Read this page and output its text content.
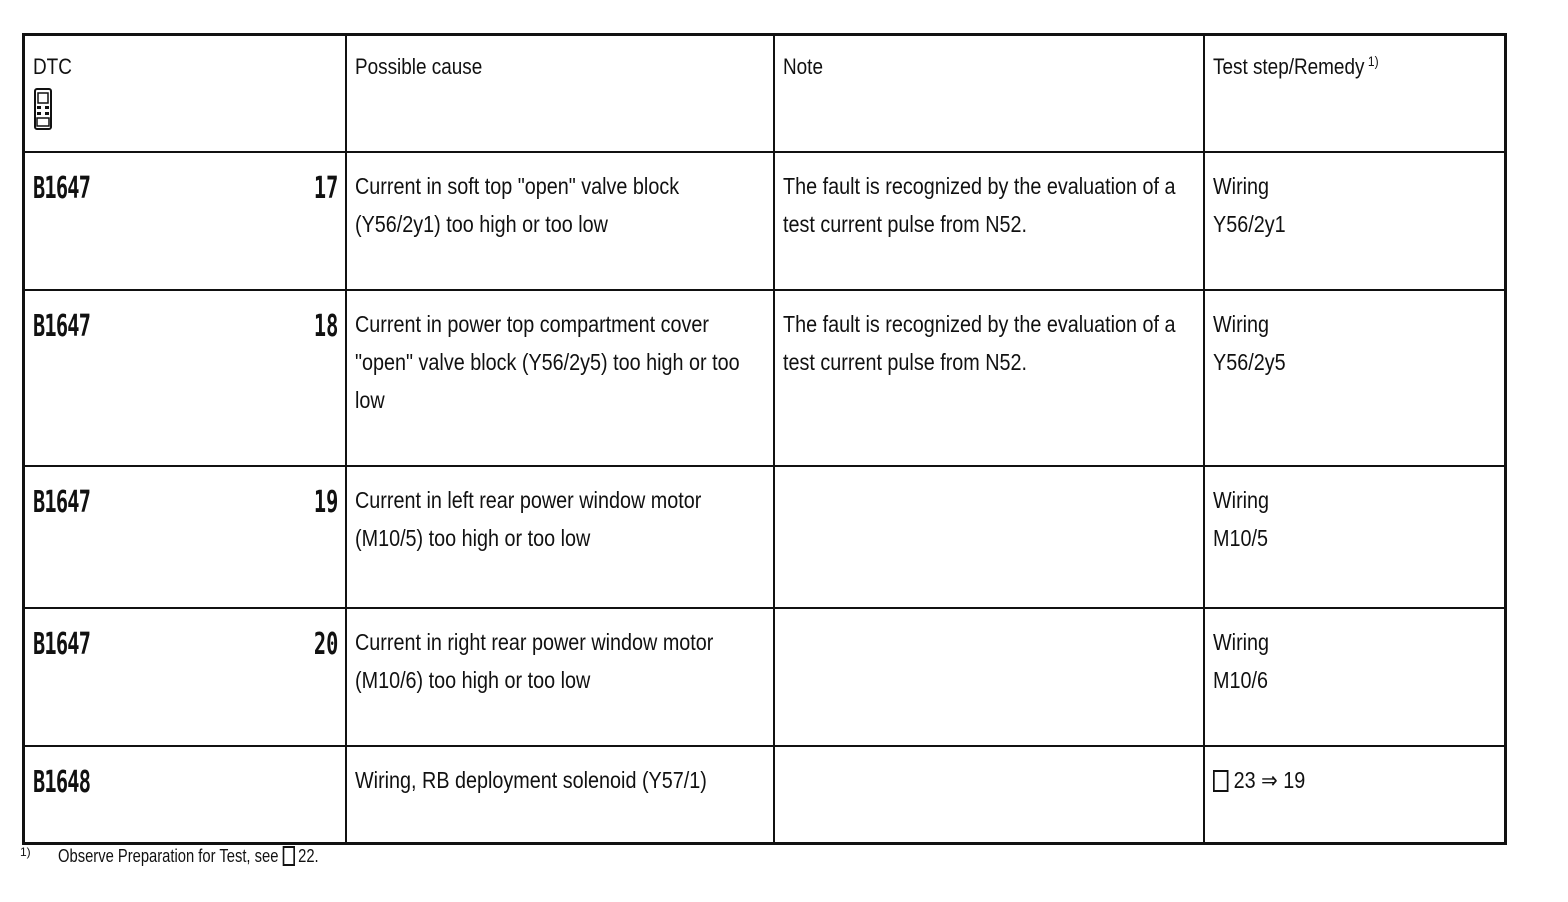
DTC	Possible cause	Note	Test step/Remedy $^{1)}$
B1647 17	Current in soft top "open" valve block (Y56/2y1) too high or too low	The fault is recognized by the evaluation of a test current pulse from N52.	Wiring
Y56/2y1
B1647 18	Current in power top compartment cover "open" valve block (Y56/2y5) too high or too low	The fault is recognized by the evaluation of a test current pulse from N52.	Wiring
Y56/2y5
B1647 19	Current in left rear power window motor (M10/5) too high or too low		Wiring
M10/5
B1647 20	Current in right rear power window motor (M10/6) too high or too low		Wiring
M10/6
B1648	Wiring, RB deployment solenoid (Y57/1)		23 ⇒ 19
1) Observe Preparation for Test, see 22.
